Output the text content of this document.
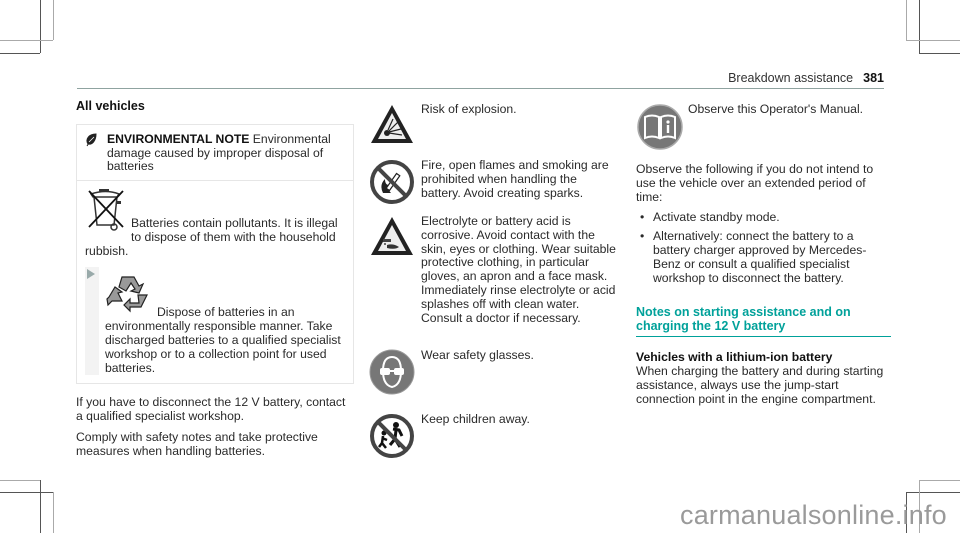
Breakdown assistance 381
All vehicles
ENVIRONMENTAL NOTE Environmental damage caused by improper disposal of batteries
Batteries contain pollutants. It is illegal to dispose of them with the household rubbish.
Dispose of batteries in an environmentally responsible manner. Take discharged batteries to a qualified specialist workshop or to a collection point for used batteries.

If you have to disconnect the 12 V battery, contact a qualified specialist workshop.

Comply with safety notes and take protective measures when handling batteries.

Risk of explosion.
Fire, open flames and smoking are prohibited when handling the battery. Avoid creating sparks.
Electrolyte or battery acid is corrosive. Avoid contact with the skin, eyes or clothing. Wear suitable protective clothing, in particular gloves, an apron and a face mask. Immediately rinse electrolyte or acid splashes off with clean water. Consult a doctor if necessary.
Wear safety glasses.
Keep children away.
Observe this Operator's Manual.

Observe the following if you do not intend to use the vehicle over an extended period of time:

• Activate standby mode.
• Alternatively: connect the battery to a battery charger approved by Mercedes-Benz or consult a qualified specialist workshop to disconnect the battery.
Notes on starting assistance and on charging the 12 V battery
Vehicles with a lithium-ion battery
When charging the battery and during starting assistance, always use the jump-start connection point in the engine compartment.
carmanualsonline.info
